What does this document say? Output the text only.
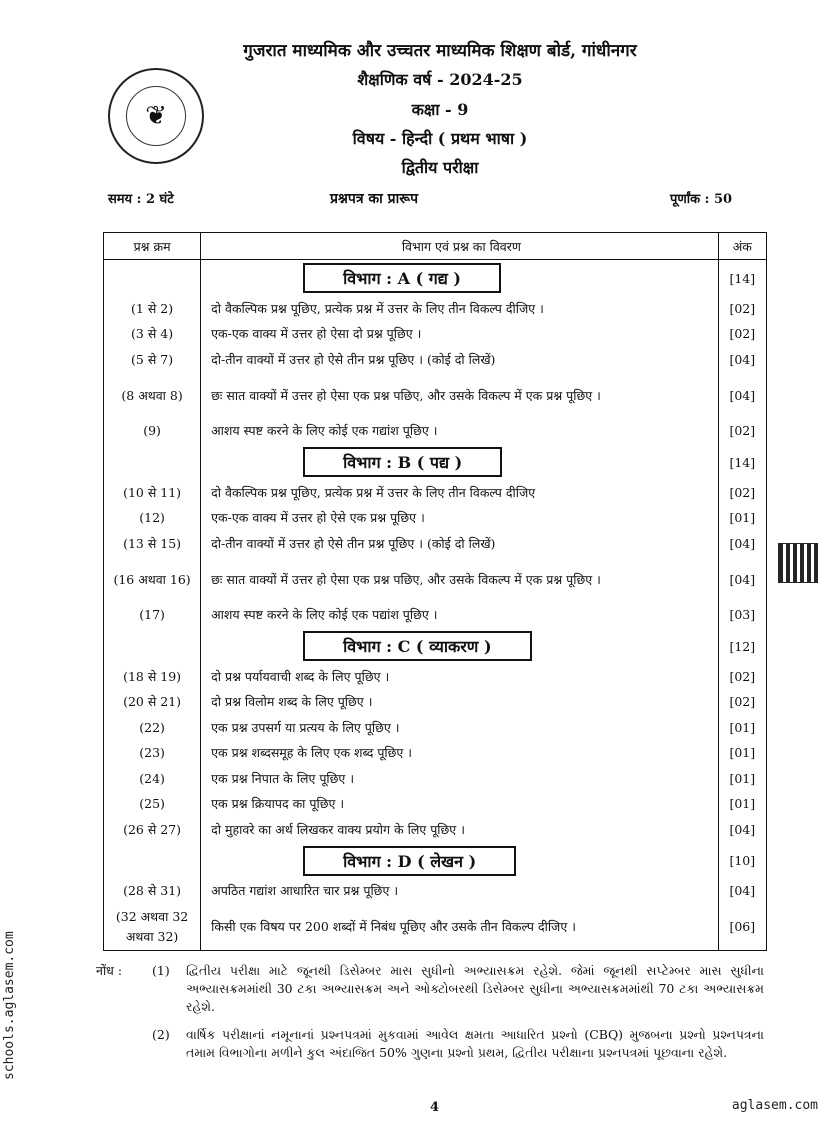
❦
गुजरात माध्यमिक और उच्चतर माध्यमिक शिक्षण बोर्ड, गांधीनगर
शैक्षणिक वर्ष - 2024-25
कक्षा - 9
विषय - हिन्दी ( प्रथम भाषा )
द्वितीय परीक्षा
समय : 2 घंटे	प्रश्नपत्र का प्रारूप	पूर्णांक : 50
प्रश्न क्रम	विभाग एवं प्रश्न का विवरण	अंक
	विभाग : A ( गद्य )	[14]
(1 से 2)	दो वैकल्पिक प्रश्न पूछिए, प्रत्येक प्रश्न में उत्तर के लिए तीन विकल्प दीजिए ।	[02]
(3 से 4)	एक-एक वाक्य में उत्तर हो ऐसा दो प्रश्न पूछिए ।	[02]
(5 से 7)	दो-तीन वाक्यों में उत्तर हो ऐसे तीन प्रश्न पूछिए । (कोई दो लिखें)	[04]
(8 अथवा 8)	छः सात वाक्यों में उत्तर हो ऐसा एक प्रश्न पछिए, और उसके विकल्प में एक प्रश्न पूछिए ।	[04]
(9)	आशय स्पष्ट करने के लिए कोई एक गद्यांश पूछिए ।	[02]
	विभाग : B ( पद्य )	[14]
(10 से 11)	दो वैकल्पिक प्रश्न पूछिए, प्रत्येक प्रश्न में उत्तर के लिए तीन विकल्प दीजिए	[02]
(12)	एक-एक वाक्य में उत्तर हो ऐसे एक प्रश्न पूछिए ।	[01]
(13 से 15)	दो-तीन वाक्यों में उत्तर हो ऐसे तीन प्रश्न पूछिए । (कोई दो लिखें)	[04]
(16 अथवा 16)	छः सात वाक्यों में उत्तर हो ऐसा एक प्रश्न पछिए, और उसके विकल्प में एक प्रश्न पूछिए ।	[04]
(17)	आशय स्पष्ट करने के लिए कोई एक पद्यांश पूछिए ।	[03]
	विभाग : C ( व्याकरण )	[12]
(18 से 19)	दो प्रश्न पर्यायवाची शब्द के लिए पूछिए ।	[02]
(20 से 21)	दो प्रश्न विलोम शब्द के लिए पूछिए ।	[02]
(22)	एक प्रश्न उपसर्ग या प्रत्यय के लिए पूछिए ।	[01]
(23)	एक प्रश्न शब्दसमूह के लिए एक शब्द पूछिए ।	[01]
(24)	एक प्रश्न निपात के लिए पूछिए ।	[01]
(25)	एक प्रश्न क्रियापद का पूछिए ।	[01]
(26 से 27)	दो मुहावरे का अर्थ लिखकर वाक्य प्रयोग के लिए पूछिए ।	[04]
	विभाग : D ( लेखन )	[10]
(28 से 31)	अपठित गद्यांश आधारित चार प्रश्न पूछिए ।	[04]
(32 अथवा 32 अथवा 32)	किसी एक विषय पर 200 शब्दों में निबंध पूछिए और उसके तीन विकल्प दीजिए ।	[06]
नोंध : (1) દ્વિતીય પરીક્ષા માટે જૂનથી ડિસેમ્બર માસ સુધીનો અભ્યાસક્રમ રહેશે. જેમાં જૂનથી સપ્ટેમ્બર માસ સુધીના અભ્યાસક્રમમાંથી 30 ટકા અભ્યાસક્રમ અને ઓક્ટોબરથી ડિસેમ્બર સુધીના અભ્યાસક્રમમાંથી 70 ટકા અભ્યાસક્રમ રહેશે.
(2) વાર્ષિક પરીક્ષાનાં નમૂનાનાં પ્રશ્નપત્રમાં મુકવામાં આવેલ ક્ષમતા આધારિત પ્રશ્નો (CBQ) મુજબના પ્રશ્નો પ્રશ્નપત્રના તમામ વિભાગોના મળીને કુલ અંદાજિત 50% ગુણના પ્રશ્નો પ્રથમ, દ્વિતીય પરીક્ષાના પ્રશ્નપત્રમાં પૂછવાના રહેશે.
4
schools.aglasem.com
aglasem.com
